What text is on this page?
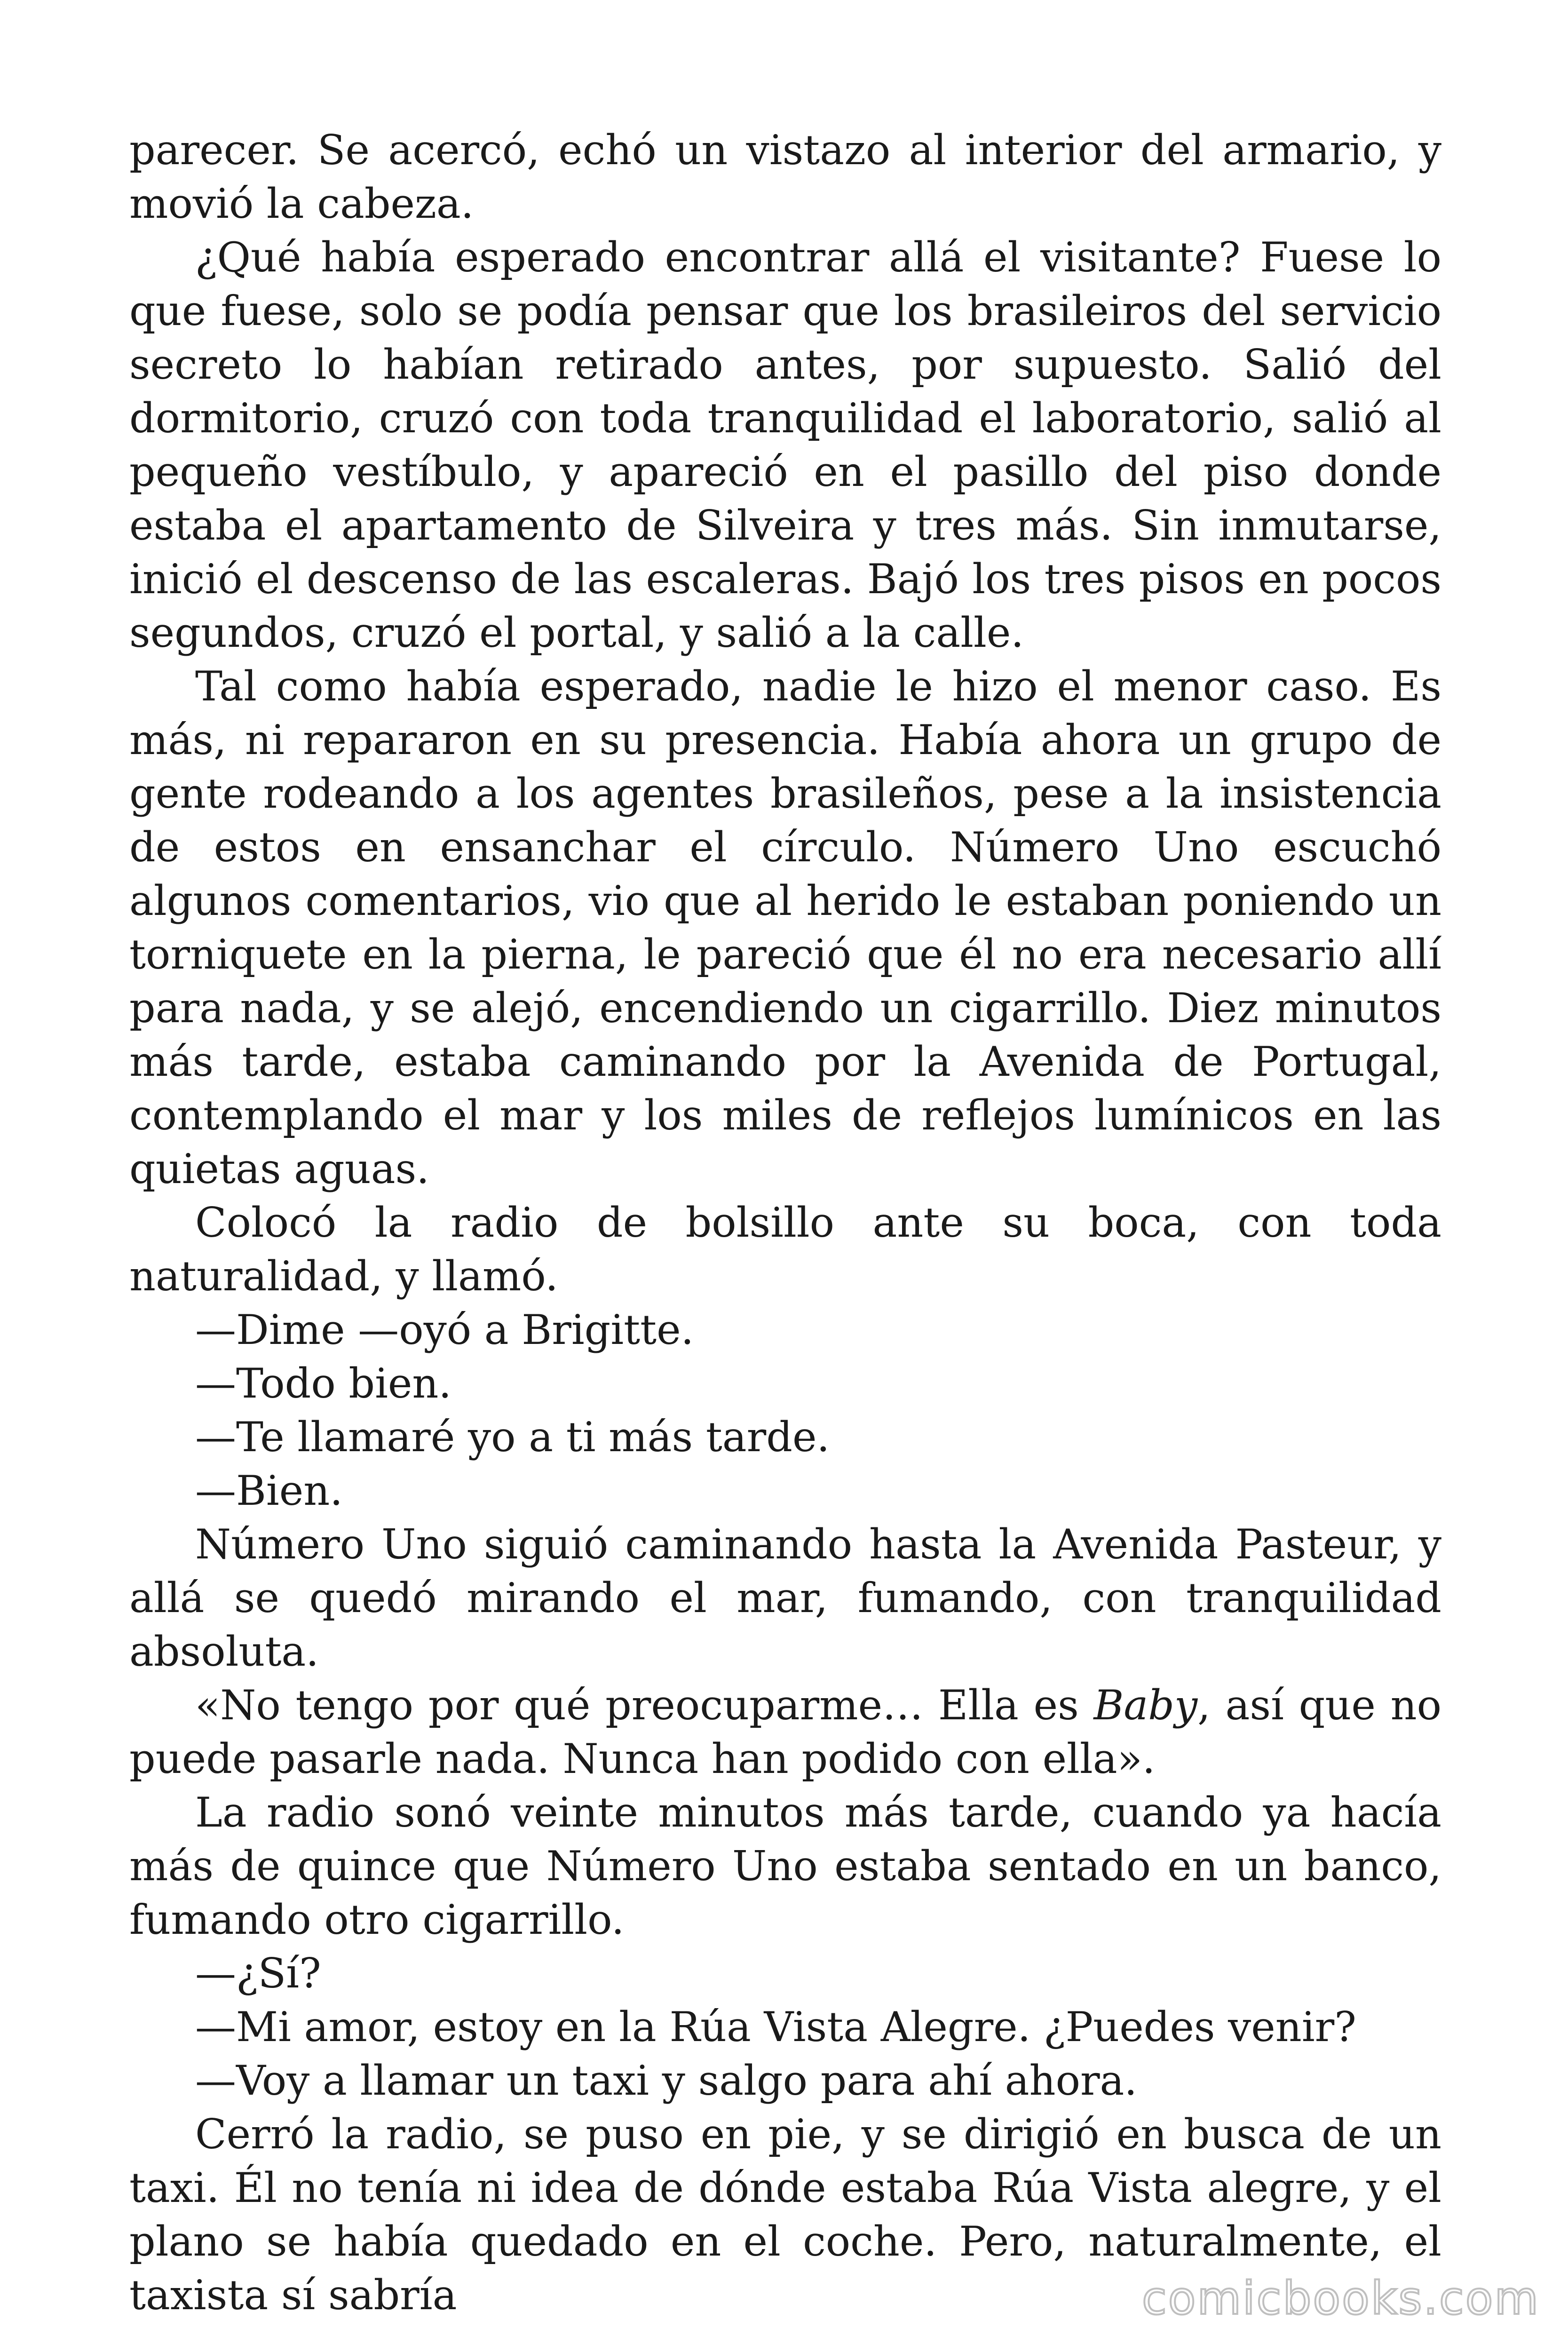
parecer. Se acercó, echó un vistazo al interior del armario, y movió la cabeza.

¿Qué había esperado encontrar allá el visitante? Fuese lo que fuese, solo se podía pensar que los brasileiros del servicio secreto lo habían retirado antes, por supuesto. Salió del dormitorio, cruzó con toda tranquilidad el laboratorio, salió al pequeño vestíbulo, y apareció en el pasillo del piso donde estaba el apartamento de Silveira y tres más. Sin inmutarse, inició el descenso de las escaleras. Bajó los tres pisos en pocos segundos, cruzó el portal, y salió a la calle.

Tal como había esperado, nadie le hizo el menor caso. Es más, ni repararon en su presencia. Había ahora un grupo de gente rodeando a los agentes brasileños, pese a la insistencia de estos en ensanchar el círculo. Número Uno escuchó algunos comentarios, vio que al herido le estaban poniendo un torniquete en la pierna, le pareció que él no era necesario allí para nada, y se alejó, encendiendo un cigarrillo. Diez minutos más tarde, estaba caminando por la Avenida de Portugal, contemplando el mar y los miles de reflejos lumínicos en las quietas aguas.

Colocó la radio de bolsillo ante su boca, con toda naturalidad, y llamó.

—Dime —oyó a Brigitte.

—Todo bien.

—Te llamaré yo a ti más tarde.

—Bien.

Número Uno siguió caminando hasta la Avenida Pasteur, y allá se quedó mirando el mar, fumando, con tranquilidad absoluta.

«No tengo por qué preocuparme… Ella es Baby, así que no puede pasarle nada. Nunca han podido con ella».

La radio sonó veinte minutos más tarde, cuando ya hacía más de quince que Número Uno estaba sentado en un banco, fumando otro cigarrillo.

—¿Sí?

—Mi amor, estoy en la Rúa Vista Alegre. ¿Puedes venir?

—Voy a llamar un taxi y salgo para ahí ahora.

Cerró la radio, se puso en pie, y se dirigió en busca de un taxi. Él no tenía ni idea de dónde estaba Rúa Vista alegre, y el plano se había quedado en el coche. Pero, naturalmente, el taxista sí sabría	comicbooks.com
